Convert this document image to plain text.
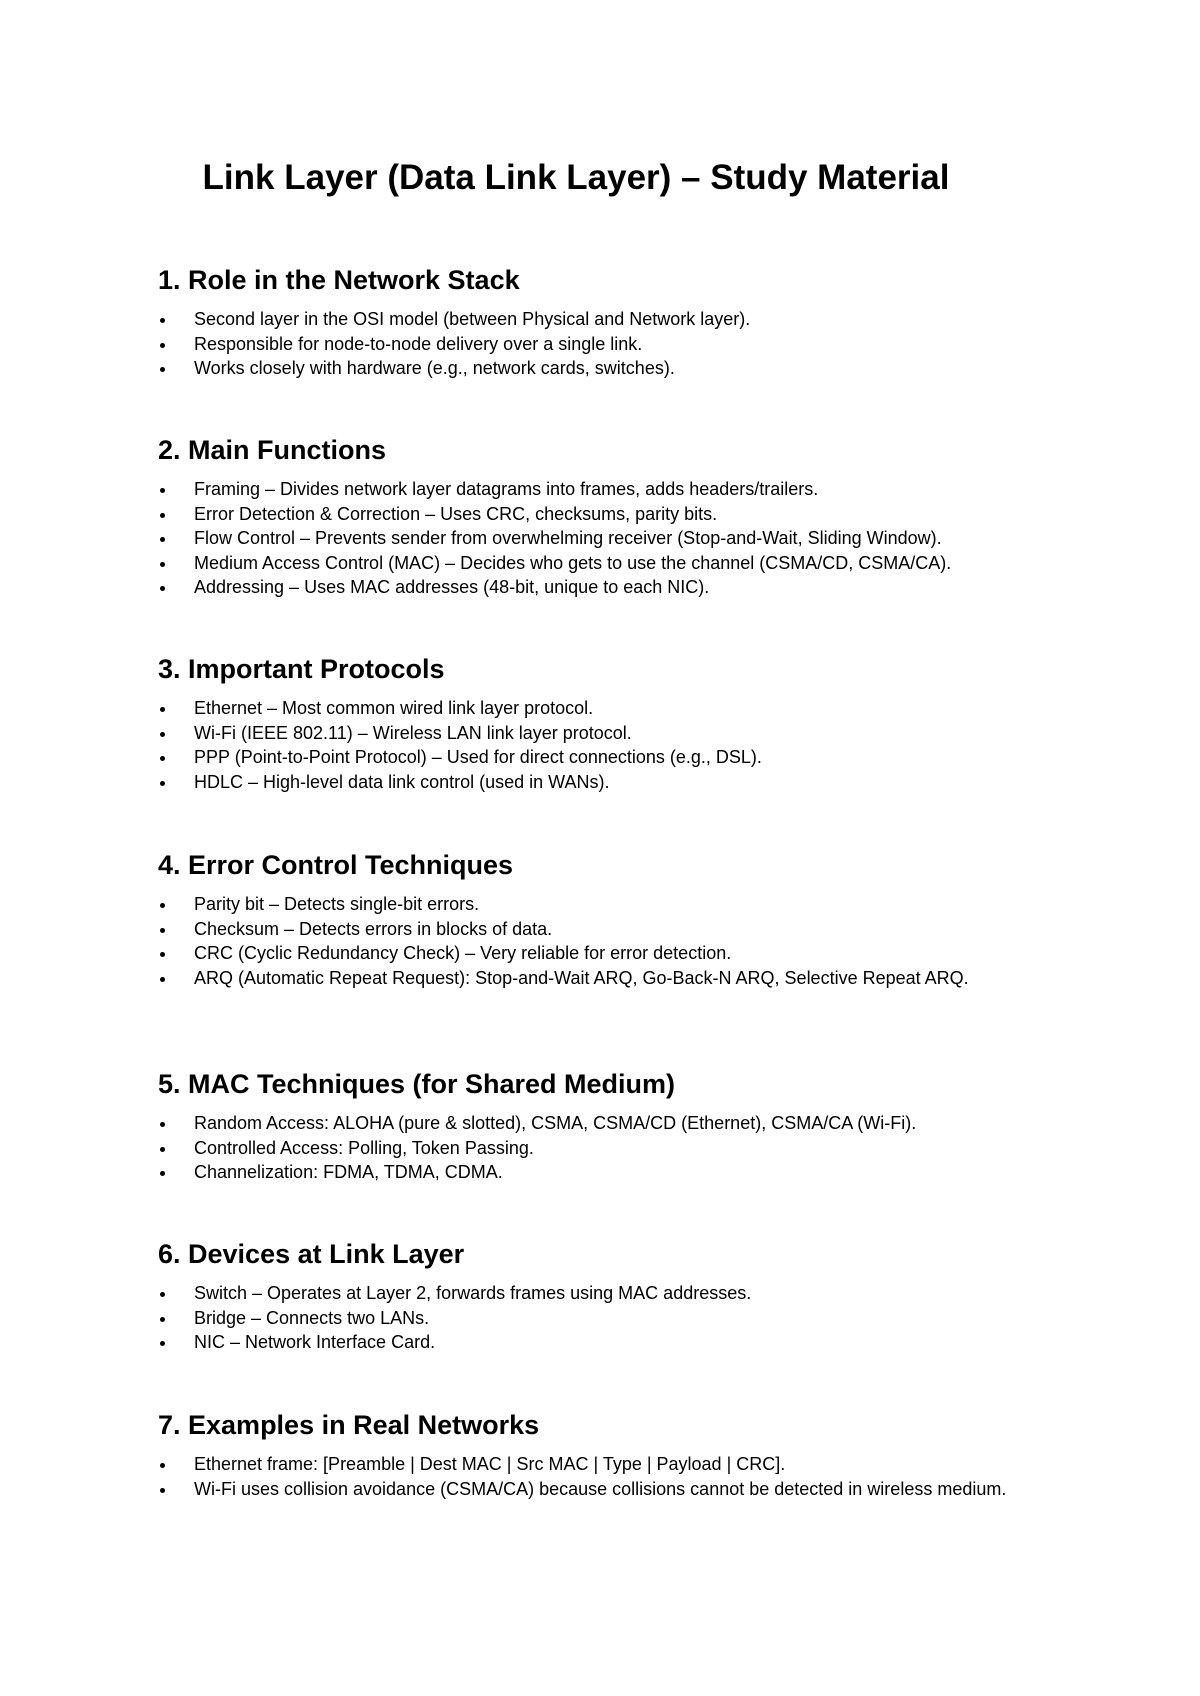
Link Layer (Data Link Layer) – Study Material
1. Role in the Network Stack
Second layer in the OSI model (between Physical and Network layer).
Responsible for node-to-node delivery over a single link.
Works closely with hardware (e.g., network cards, switches).
2. Main Functions
Framing – Divides network layer datagrams into frames, adds headers/trailers.
Error Detection & Correction – Uses CRC, checksums, parity bits.
Flow Control – Prevents sender from overwhelming receiver (Stop-and-Wait, Sliding Window).
Medium Access Control (MAC) – Decides who gets to use the channel (CSMA/CD, CSMA/CA).
Addressing – Uses MAC addresses (48-bit, unique to each NIC).
3. Important Protocols
Ethernet – Most common wired link layer protocol.
Wi-Fi (IEEE 802.11) – Wireless LAN link layer protocol.
PPP (Point-to-Point Protocol) – Used for direct connections (e.g., DSL).
HDLC – High-level data link control (used in WANs).
4. Error Control Techniques
Parity bit – Detects single-bit errors.
Checksum – Detects errors in blocks of data.
CRC (Cyclic Redundancy Check) – Very reliable for error detection.
ARQ (Automatic Repeat Request): Stop-and-Wait ARQ, Go-Back-N ARQ, Selective Repeat ARQ.
5. MAC Techniques (for Shared Medium)
Random Access: ALOHA (pure & slotted), CSMA, CSMA/CD (Ethernet), CSMA/CA (Wi-Fi).
Controlled Access: Polling, Token Passing.
Channelization: FDMA, TDMA, CDMA.
6. Devices at Link Layer
Switch – Operates at Layer 2, forwards frames using MAC addresses.
Bridge – Connects two LANs.
NIC – Network Interface Card.
7. Examples in Real Networks
Ethernet frame: [Preamble | Dest MAC | Src MAC | Type | Payload | CRC].
Wi-Fi uses collision avoidance (CSMA/CA) because collisions cannot be detected in wireless medium.
